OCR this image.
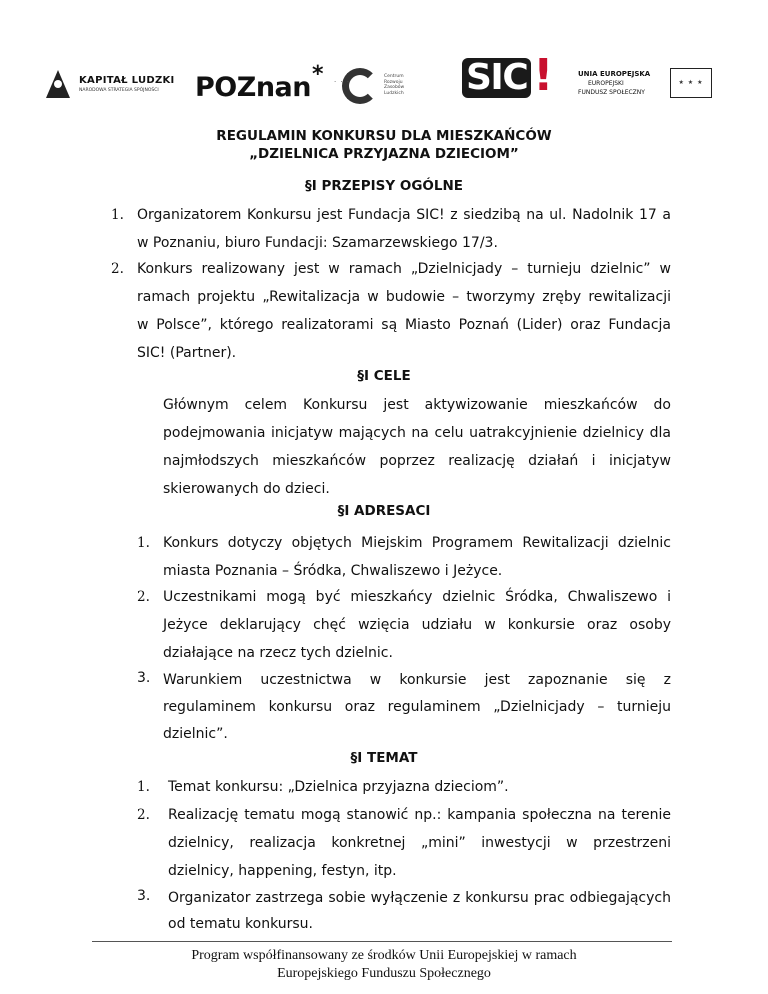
KAPITAŁ LUDZKI
NARODOWA STRATEGIA SPÓJNOŚCI	POZnan * · · ·
Centrum Rozwoju Zasobów Ludzkich	SIC !	UNIA EUROPEJSKA
EUROPEJSKI
FUNDUSZ SPOŁECZNY
★ ★ ★
REGULAMIN KONKURSU DLA MIESZKAŃCÓW
„DZIELNICA PRZYJAZNA DZIECIOM”
§I PRZEPISY OGÓLNE
1. Organizatorem Konkursu jest Fundacja SIC! z siedzibą na ul. Nadolnik 17 a
w Poznaniu, biuro Fundacji: Szamarzewskiego 17/3.
2. Konkurs realizowany jest w ramach „Dzielnicjady – turnieju dzielnic” w
ramach projektu „Rewitalizacja w budowie – tworzymy zręby rewitalizacji
w Polsce”, którego realizatorami są Miasto Poznań (Lider) oraz Fundacja
SIC! (Partner).
§I CELE
Głównym celem Konkursu jest aktywizowanie mieszkańców do
podejmowania inicjatyw mających na celu uatrakcyjnienie dzielnicy dla
najmłodszych mieszkańców poprzez realizację działań i inicjatyw
skierowanych do dzieci.
§I ADRESACI
1. Konkurs dotyczy objętych Miejskim Programem Rewitalizacji dzielnic
miasta Poznania – Śródka, Chwaliszewo i Jeżyce.
2. Uczestnikami mogą być mieszkańcy dzielnic Śródka, Chwaliszewo i
Jeżyce deklarujący chęć wzięcia udziału w konkursie oraz osoby
działające na rzecz tych dzielnic.
3. Warunkiem uczestnictwa w konkursie jest zapoznanie się z
regulaminem konkursu oraz regulaminem „Dzielnicjady – turnieju
dzielnic”.
§I TEMAT
1. Temat konkursu: „Dzielnica przyjazna dzieciom”.
2. Realizację tematu mogą stanowić np.: kampania społeczna na terenie
dzielnicy, realizacja konkretnej „mini” inwestycji w przestrzeni
dzielnicy, happening, festyn, itp.
3. Organizator zastrzega sobie wyłączenie z konkursu prac odbiegających
od tematu konkursu.
Program współfinansowany ze środków Unii Europejskiej w ramach
Europejskiego Funduszu Społecznego
